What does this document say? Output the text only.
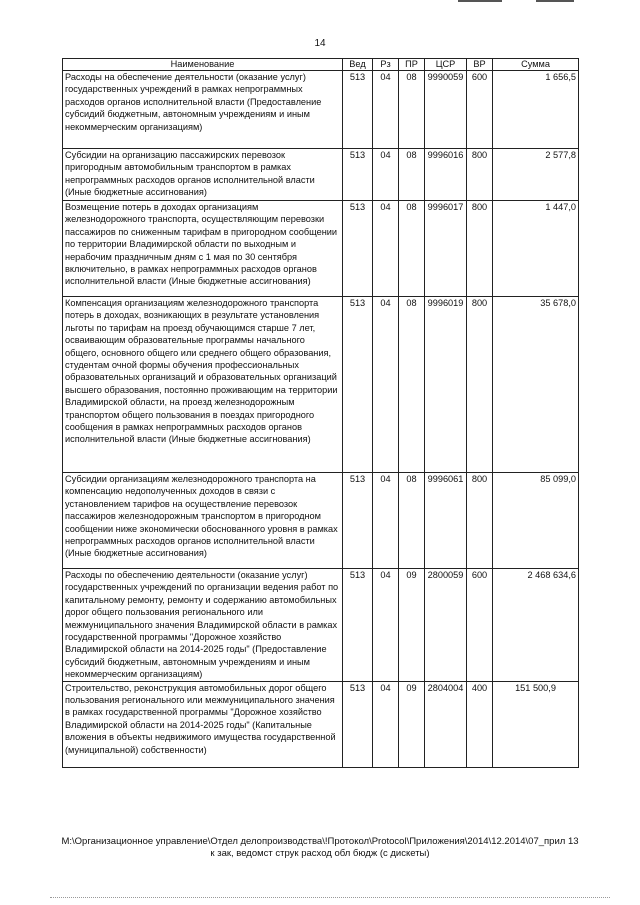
14
Наименование	Вед	Рз	ПР	ЦСР	ВР	Сумма
Расходы на обеспечение деятельности (оказание услуг) государственных учреждений в рамках непрограммных расходов органов исполнительной власти (Предоставление субсидий бюджетным, автономным учреждениям и иным некоммерческим организациям)	513	04	08	9990059	600	1 656,5
Субсидии на организацию пассажирских перевозок пригородным автомобильным транспортом в рамках непрограммных расходов органов исполнительной власти (Иные бюджетные ассигнования)	513	04	08	9996016	800	2 577,8
Возмещение потерь в доходах организациям железнодорожного транспорта, осуществляющим перевозки пассажиров по сниженным тарифам в пригородном сообщении по территории Владимирской области по выходным и нерабочим праздничным дням с 1 мая по 30 сентября включительно, в рамках непрограммных расходов органов исполнительной власти (Иные бюджетные ассигнования)	513	04	08	9996017	800	1 447,0
Компенсация организациям железнодорожного транспорта потерь в доходах, возникающих в результате установления льготы по тарифам на проезд обучающимся старше 7 лет, осваивающим образовательные программы начального общего, основного общего или среднего общего образования, студентам очной формы обучения профессиональных образовательных организаций и образовательных организаций высшего образования, постоянно проживающим на территории Владимирской области, на проезд железнодорожным транспортом общего пользования в поездах пригородного сообщения в рамках непрограммных расходов органов исполнительной власти (Иные бюджетные ассигнования)	513	04	08	9996019	800	35 678,0
Субсидии организациям железнодорожного транспорта на компенсацию недополученных доходов в связи с установлением тарифов на осуществление перевозок пассажиров железнодорожным транспортом в пригородном сообщении ниже экономически обоснованного уровня в рамках непрограммных расходов органов исполнительной власти (Иные бюджетные ассигнования)	513	04	08	9996061	800	85 099,0
Расходы по обеспечению деятельности (оказание услуг) государственных учреждений по организации ведения работ по капитальному ремонту, ремонту и содержанию автомобильных дорог общего пользования регионального или межмуниципального значения Владимирской области в рамках государственной программы "Дорожное хозяйство Владимирской области на 2014-2025 годы" (Предоставление субсидий бюджетным, автономным учреждениям и иным некоммерческим организациям)	513	04	09	2800059	600	2 468 634,6
Строительство, реконструкция автомобильных дорог общего пользования регионального или межмуниципального значения в рамках государственной программы "Дорожное хозяйство Владимирской области на 2014-2025 годы" (Капитальные вложения в объекты недвижимого имущества государственной (муниципальной) собственности)	513	04	09	2804004	400	151 500,9
М:\Организационное управление\Отдел делопроизводства\!Протокол\Protocol\Приложения\2014\12.2014\07_прил 13
к зак, ведомст струк расход обл бюдж (с дискеты)
